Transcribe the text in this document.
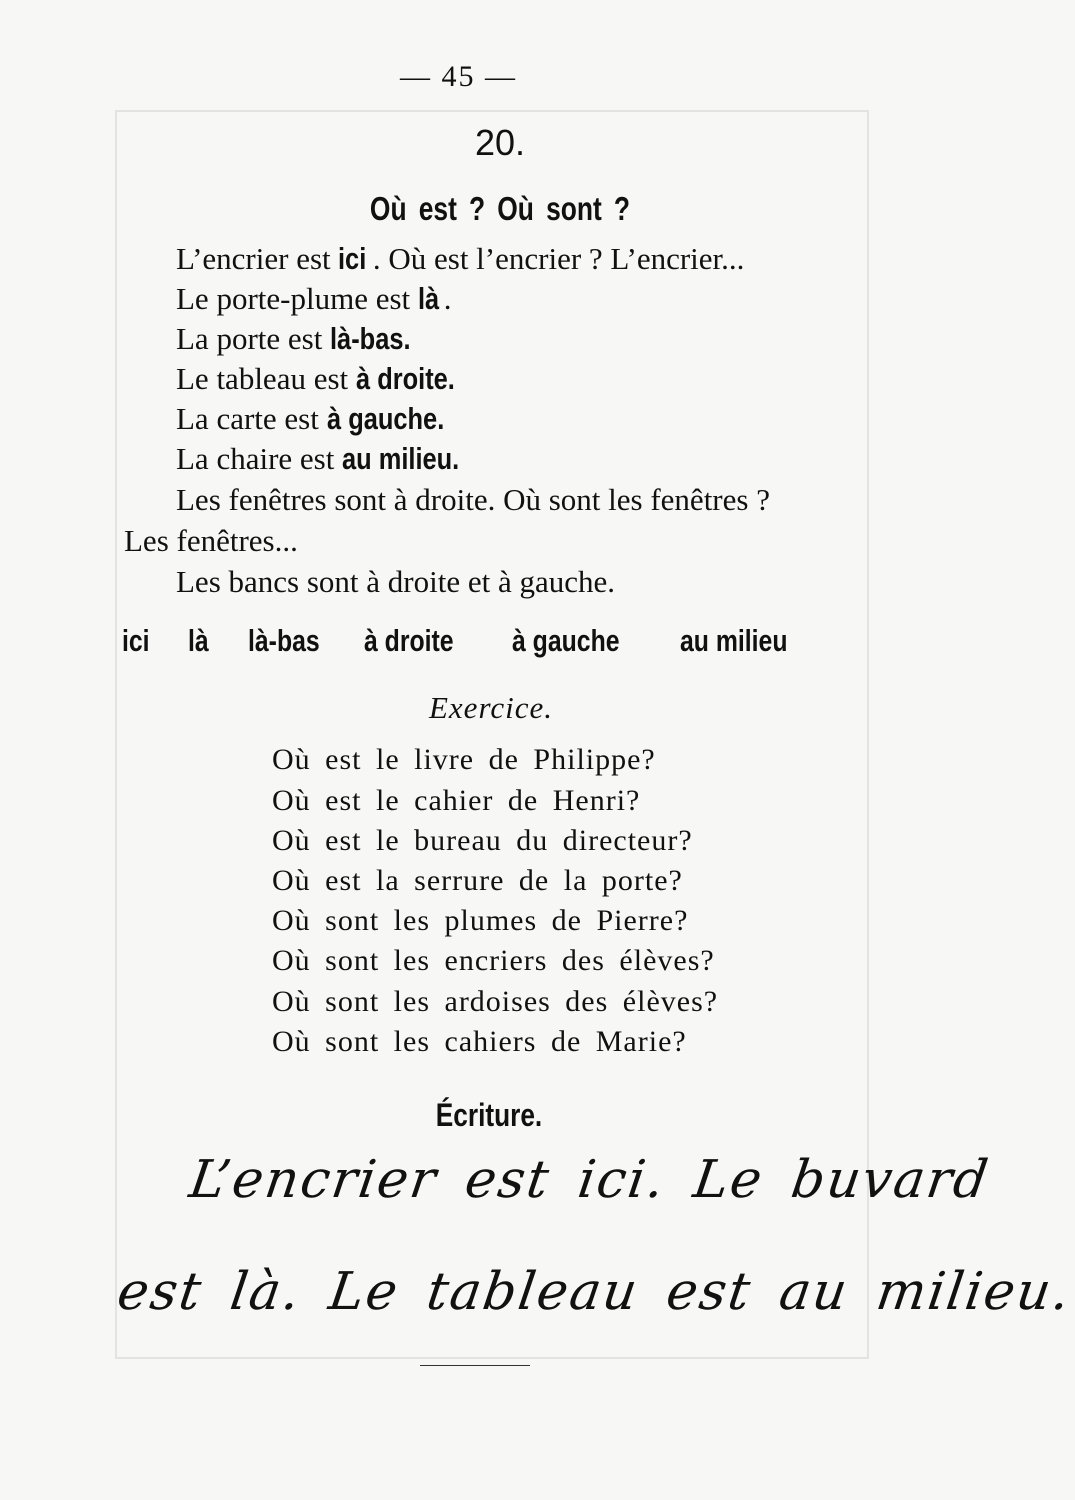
— 45 —
20.
Où est ? Où sont ?
L’encrier est ici . Où est l’encrier ? L’encrier...
Le porte-plume est là .
La porte est là-bas.
Le tableau est à droite.
La carte est à gauche.
La chaire est au milieu.
Les fenêtres sont à droite. Où sont les fenêtres ?
Les fenêtres...
Les bancs sont à droite et à gauche.
ici là là-bas à droite à gauche au milieu
Exercice.
Où est le livre de Philippe?
Où est le cahier de Henri?
Où est le bureau du directeur?
Où est la serrure de la porte?
Où sont les plumes de Pierre?
Où sont les encriers des élèves?
Où sont les ardoises des élèves?
Où sont les cahiers de Marie?
Écriture.
L’encrier est ici. Le buvard
est là. Le tableau est au milieu.
